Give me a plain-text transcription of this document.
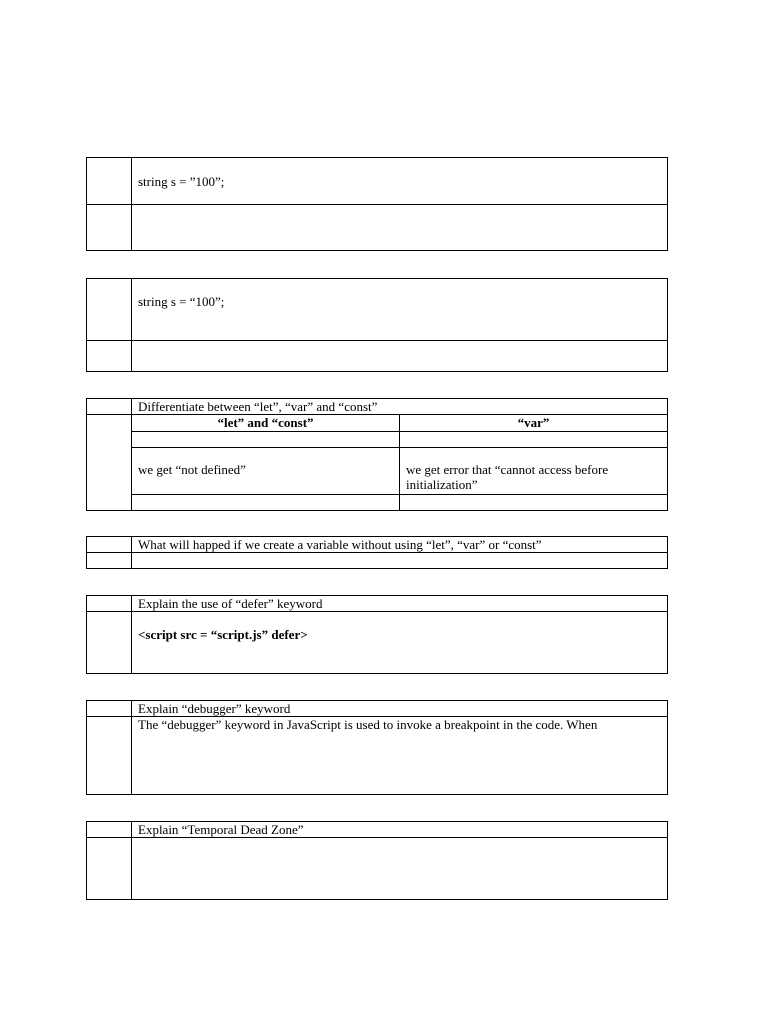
	string s = ”100”;

	string s = “100”;

	Differentiate between “let”, “var” and “const”

“let” and “const”	“var”

we get “not defined”	we get error that “cannot access before initialization”

	What will happed if we create a variable without using “let”, “var” or “const”

	Explain the use of “defer” keyword
	<script src = “script.js” defer>
	Explain “debugger” keyword
	The “debugger” keyword in JavaScript is used to invoke a breakpoint in the code. When
	Explain “Temporal Dead Zone”
